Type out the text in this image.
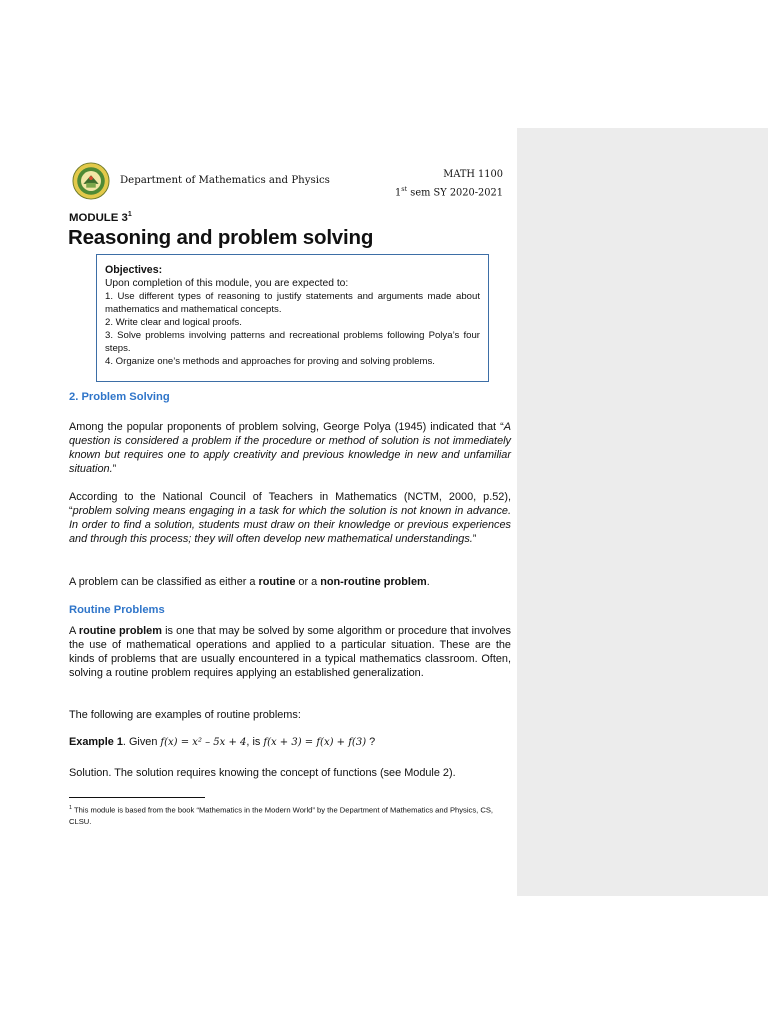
Department of Mathematics and Physics
MATH 1100
1st sem SY 2020-2021
MODULE $3^1$
Reasoning and problem solving
Objectives:
Upon completion of this module, you are expected to:
1. Use different types of reasoning to justify statements and arguments made about mathematics and mathematical concepts.
2. Write clear and logical proofs.
3. Solve problems involving patterns and recreational problems following Polya’s four steps.
4. Organize one’s methods and approaches for proving and solving problems.
2. Problem Solving
Among the popular proponents of problem solving, George Polya (1945) indicated that “A question is considered a problem if the procedure or method of solution is not immediately known but requires one to apply creativity and previous knowledge in new and unfamiliar situation.”
According to the National Council of Teachers in Mathematics (NCTM, 2000, p.52), “problem solving means engaging in a task for which the solution is not known in advance. In order to find a solution, students must draw on their knowledge or previous experiences and through this process; they will often develop new mathematical understandings.”
A problem can be classified as either a routine or a non-routine problem.
Routine Problems
A routine problem is one that may be solved by some algorithm or procedure that involves the use of mathematical operations and applied to a particular situation. These are the kinds of problems that are usually encountered in a typical mathematics classroom. Often, solving a routine problem requires applying an established generalization.
The following are examples of routine problems:
Example 1. Given f(x) = x² – 5x + 4, is f(x + 3) = f(x) + f(3) ?
Solution. The solution requires knowing the concept of functions (see Module 2).
$^1$ This module is based from the book “Mathematics in the Modern World” by the Department of Mathematics and Physics, CS, CLSU.
